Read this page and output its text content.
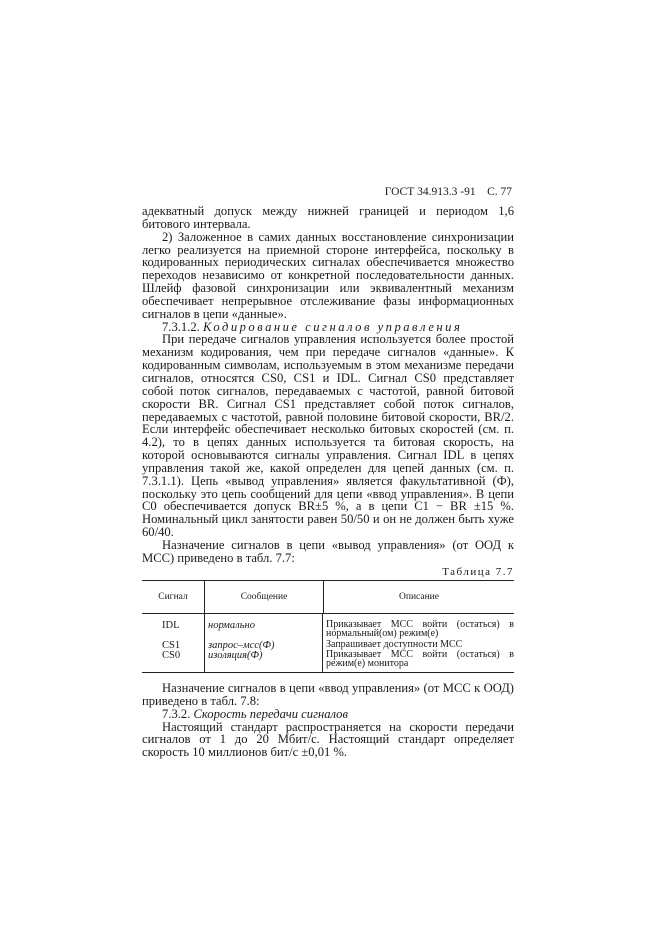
ГОСТ 34.913.3 -91 С. 77

адекватный допуск между нижней границей и периодом 1,6 битового интервала.

2) Заложенное в самих данных восстановление синхронизации легко реализуется на приемной стороне интерфейса, поскольку в кодированных периодических сигналах обеспечивается множество переходов независимо от конкретной последовательности данных. Шлейф фазовой синхронизации или эквивалентный механизм обеспечивает непрерывное отслеживание фазы информационных сигналов в цепи «данные».

7.3.1.2. Кодирование сигналов управления

При передаче сигналов управления используется более простой механизм кодирования, чем при передаче сигналов «данные». К кодированным символам, используемым в этом механизме передачи сигналов, относятся CS0, CS1 и IDL. Сигнал CS0 представляет собой поток сигналов, передаваемых с частотой, равной битовой скорости BR. Сигнал CS1 представляет собой поток сигналов, передаваемых с частотой, равной половине битовой скорости, BR/2. Если интерфейс обеспечивает несколько битовых скоростей (см. п. 4.2), то в цепях данных используется та битовая скорость, на которой основываются сигналы управления. Сигнал IDL в цепях управления такой же, какой определен для цепей данных (см. п. 7.3.1.1). Цепь «вывод управления» является факультативной (Ф), поскольку это цепь сообщений для цепи «ввод управления». В цепи С0 обеспечивается допуск BR±5 %, а в цепи C1 − BR ±15 %. Номинальный цикл занятости равен 50/50 и он не должен быть хуже 60/40.

Назначение сигналов в цепи «вывод управления» (от ООД к МСС) приведено в табл. 7.7:

Таблица 7.7
Сигнал	Сообщение	Описание
IDL	нормально	Приказывает МСС войти (остаться) в нормальный(ом) режим(е)
CS1	запрос–мсс(Ф)	Запрашивает доступности МСС
CS0	изоляция(Ф)	Приказывает МСС войти (остаться) в режим(е) монитора

Назначение сигналов в цепи «ввод управления» (от МСС к ООД) приведено в табл. 7.8:

7.3.2. Скорость передачи сигналов

Настоящий стандарт распространяется на скорости передачи сигналов от 1 до 20 Мбит/с. Настоящий стандарт определяет скорость 10 миллионов бит/с ±0,01 %.
